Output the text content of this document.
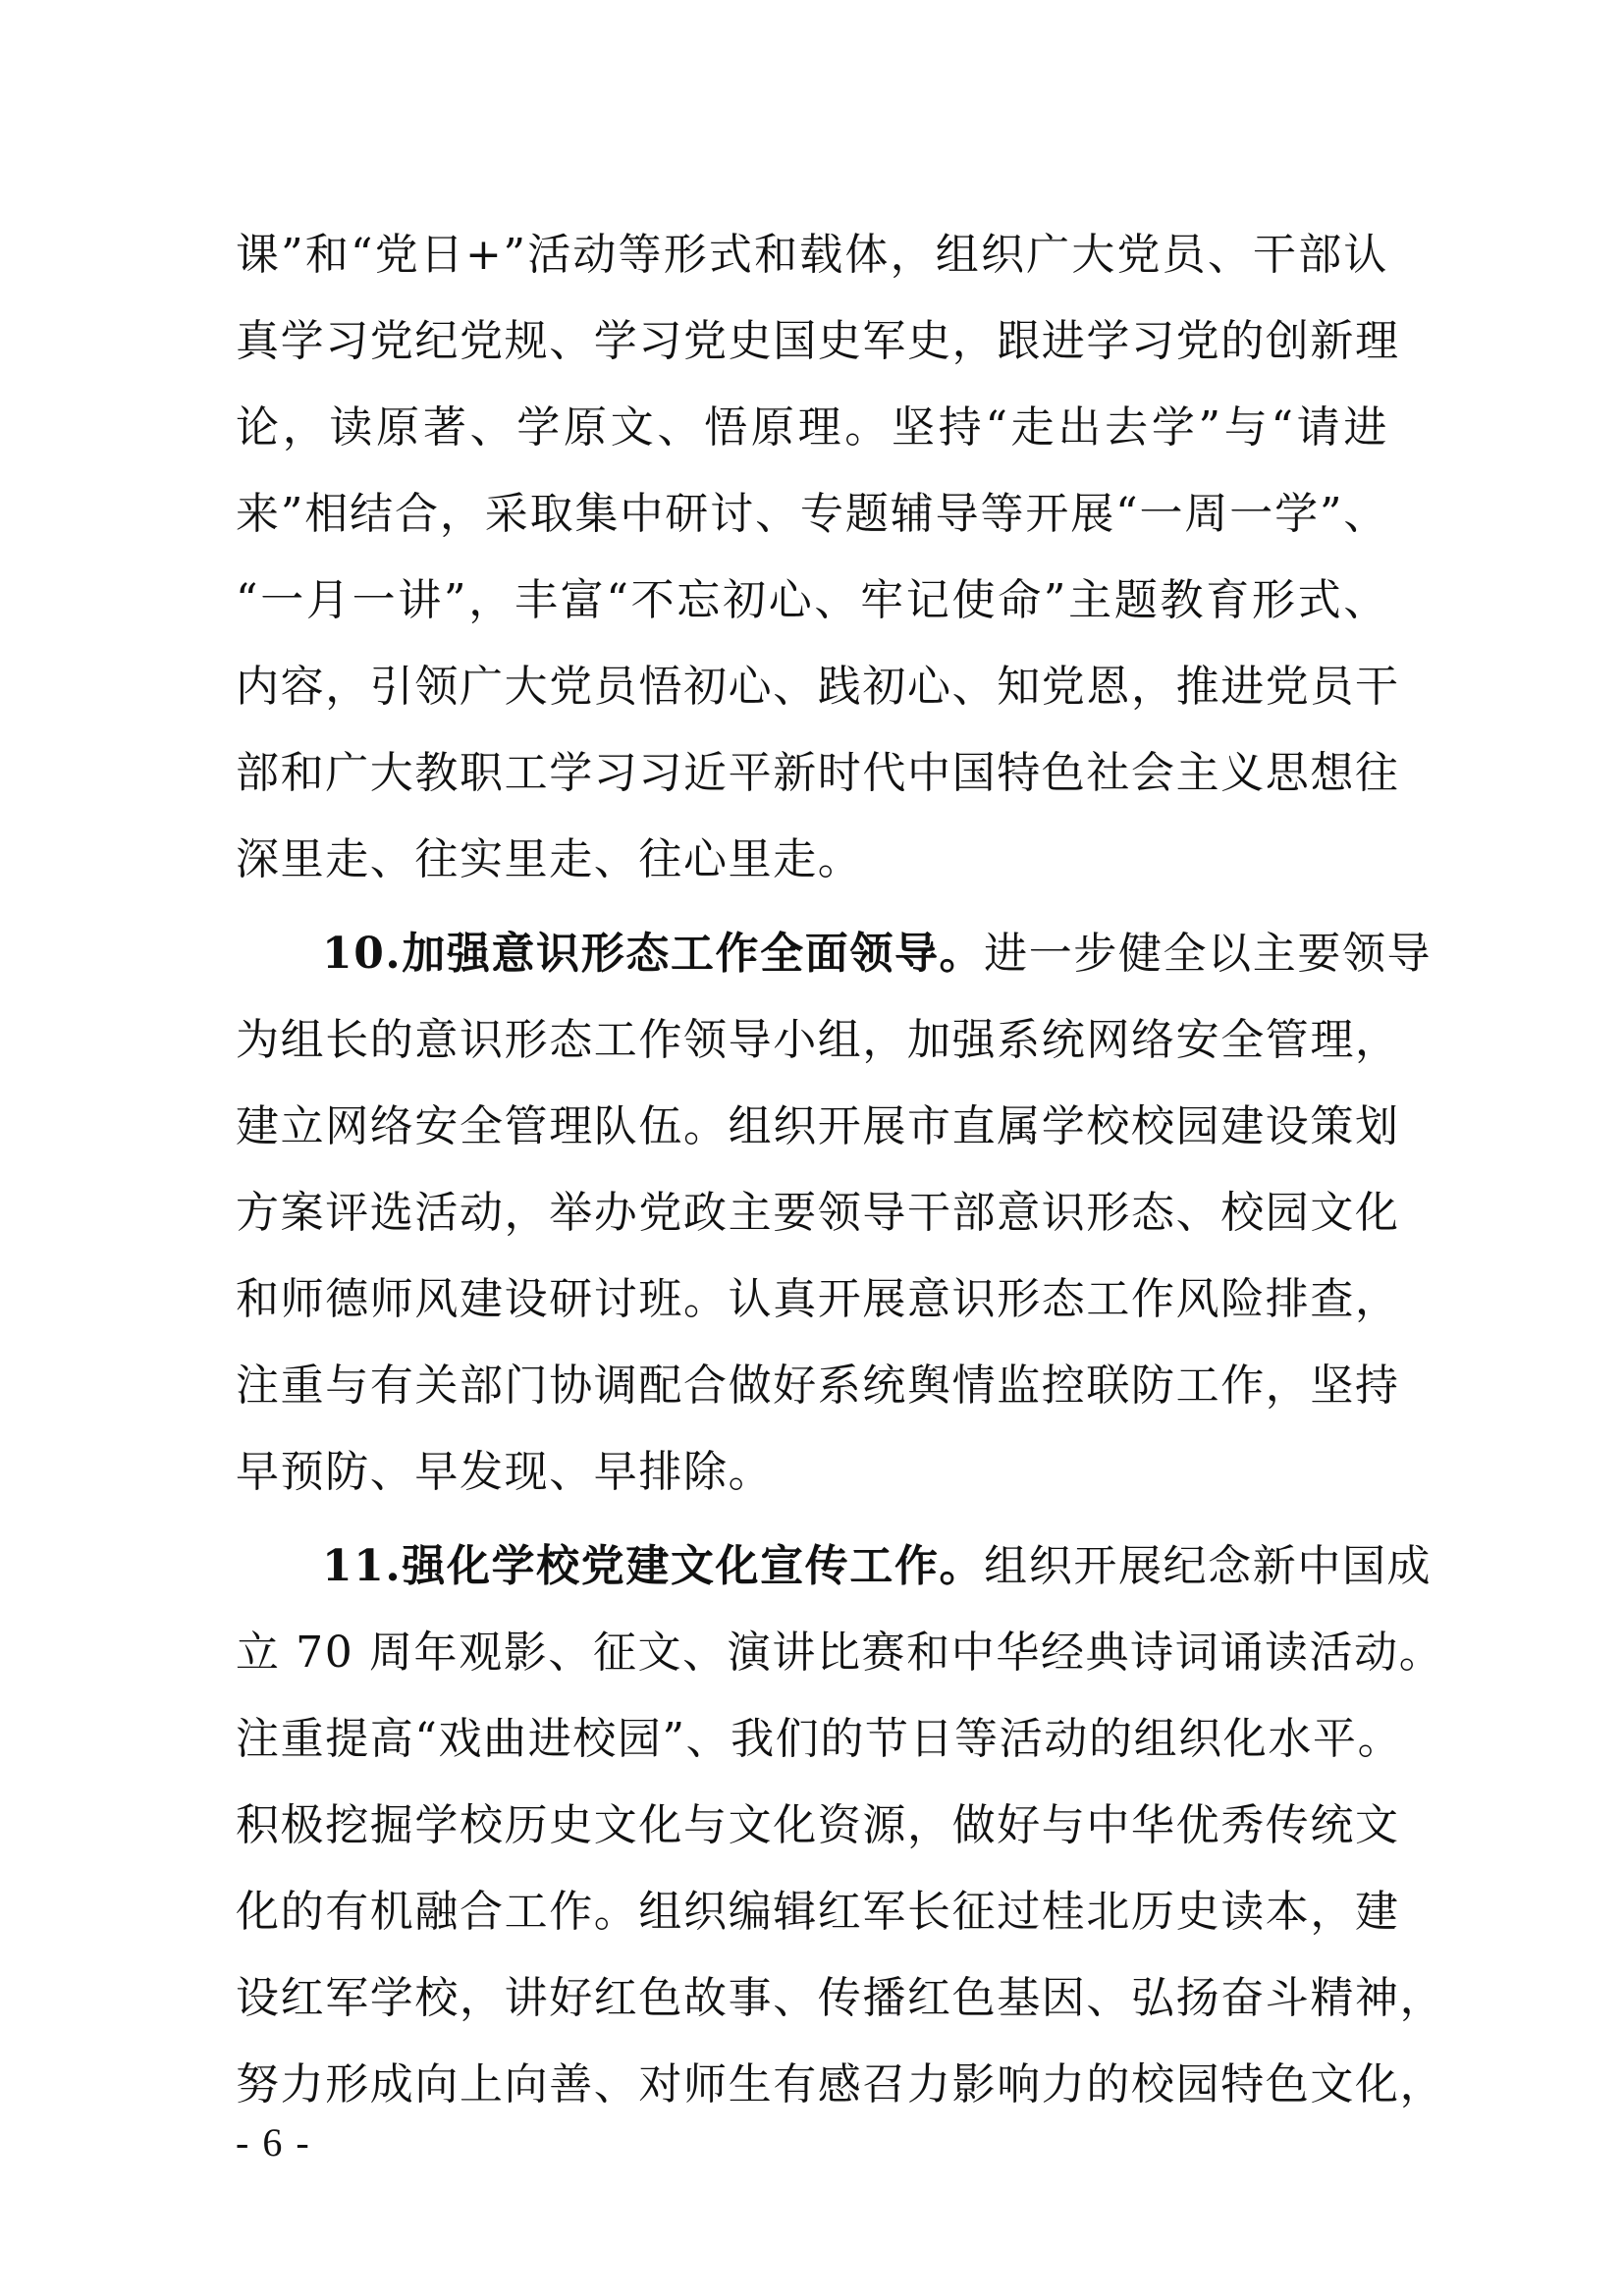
课”和“党日+”活动等形式和载体，组织广大党员、干部认
真学习党纪党规、学习党史国史军史，跟进学习党的创新理
论，读原著、学原文、悟原理。坚持“走出去学”与“请进
来”相结合，采取集中研讨、专题辅导等开展“一周一学”、
“一月一讲”，丰富“不忘初心、牢记使命”主题教育形式、
内容，引领广大党员悟初心、践初心、知党恩，推进党员干
部和广大教职工学习习近平新时代中国特色社会主义思想往
深里走、往实里走、往心里走。
10.加强意识形态工作全面领导。进一步健全以主要领导
为组长的意识形态工作领导小组，加强系统网络安全管理，
建立网络安全管理队伍。组织开展市直属学校校园建设策划
方案评选活动，举办党政主要领导干部意识形态、校园文化
和师德师风建设研讨班。认真开展意识形态工作风险排查，
注重与有关部门协调配合做好系统舆情监控联防工作，坚持
早预防、早发现、早排除。
11.强化学校党建文化宣传工作。组织开展纪念新中国成
立 70 周年观影、征文、演讲比赛和中华经典诗词诵读活动。
注重提高“戏曲进校园”、我们的节日等活动的组织化水平。
积极挖掘学校历史文化与文化资源，做好与中华优秀传统文
化的有机融合工作。组织编辑红军长征过桂北历史读本，建
设红军学校，讲好红色故事、传播红色基因、弘扬奋斗精神，
努力形成向上向善、对师生有感召力影响力的校园特色文化，
- 6 -
